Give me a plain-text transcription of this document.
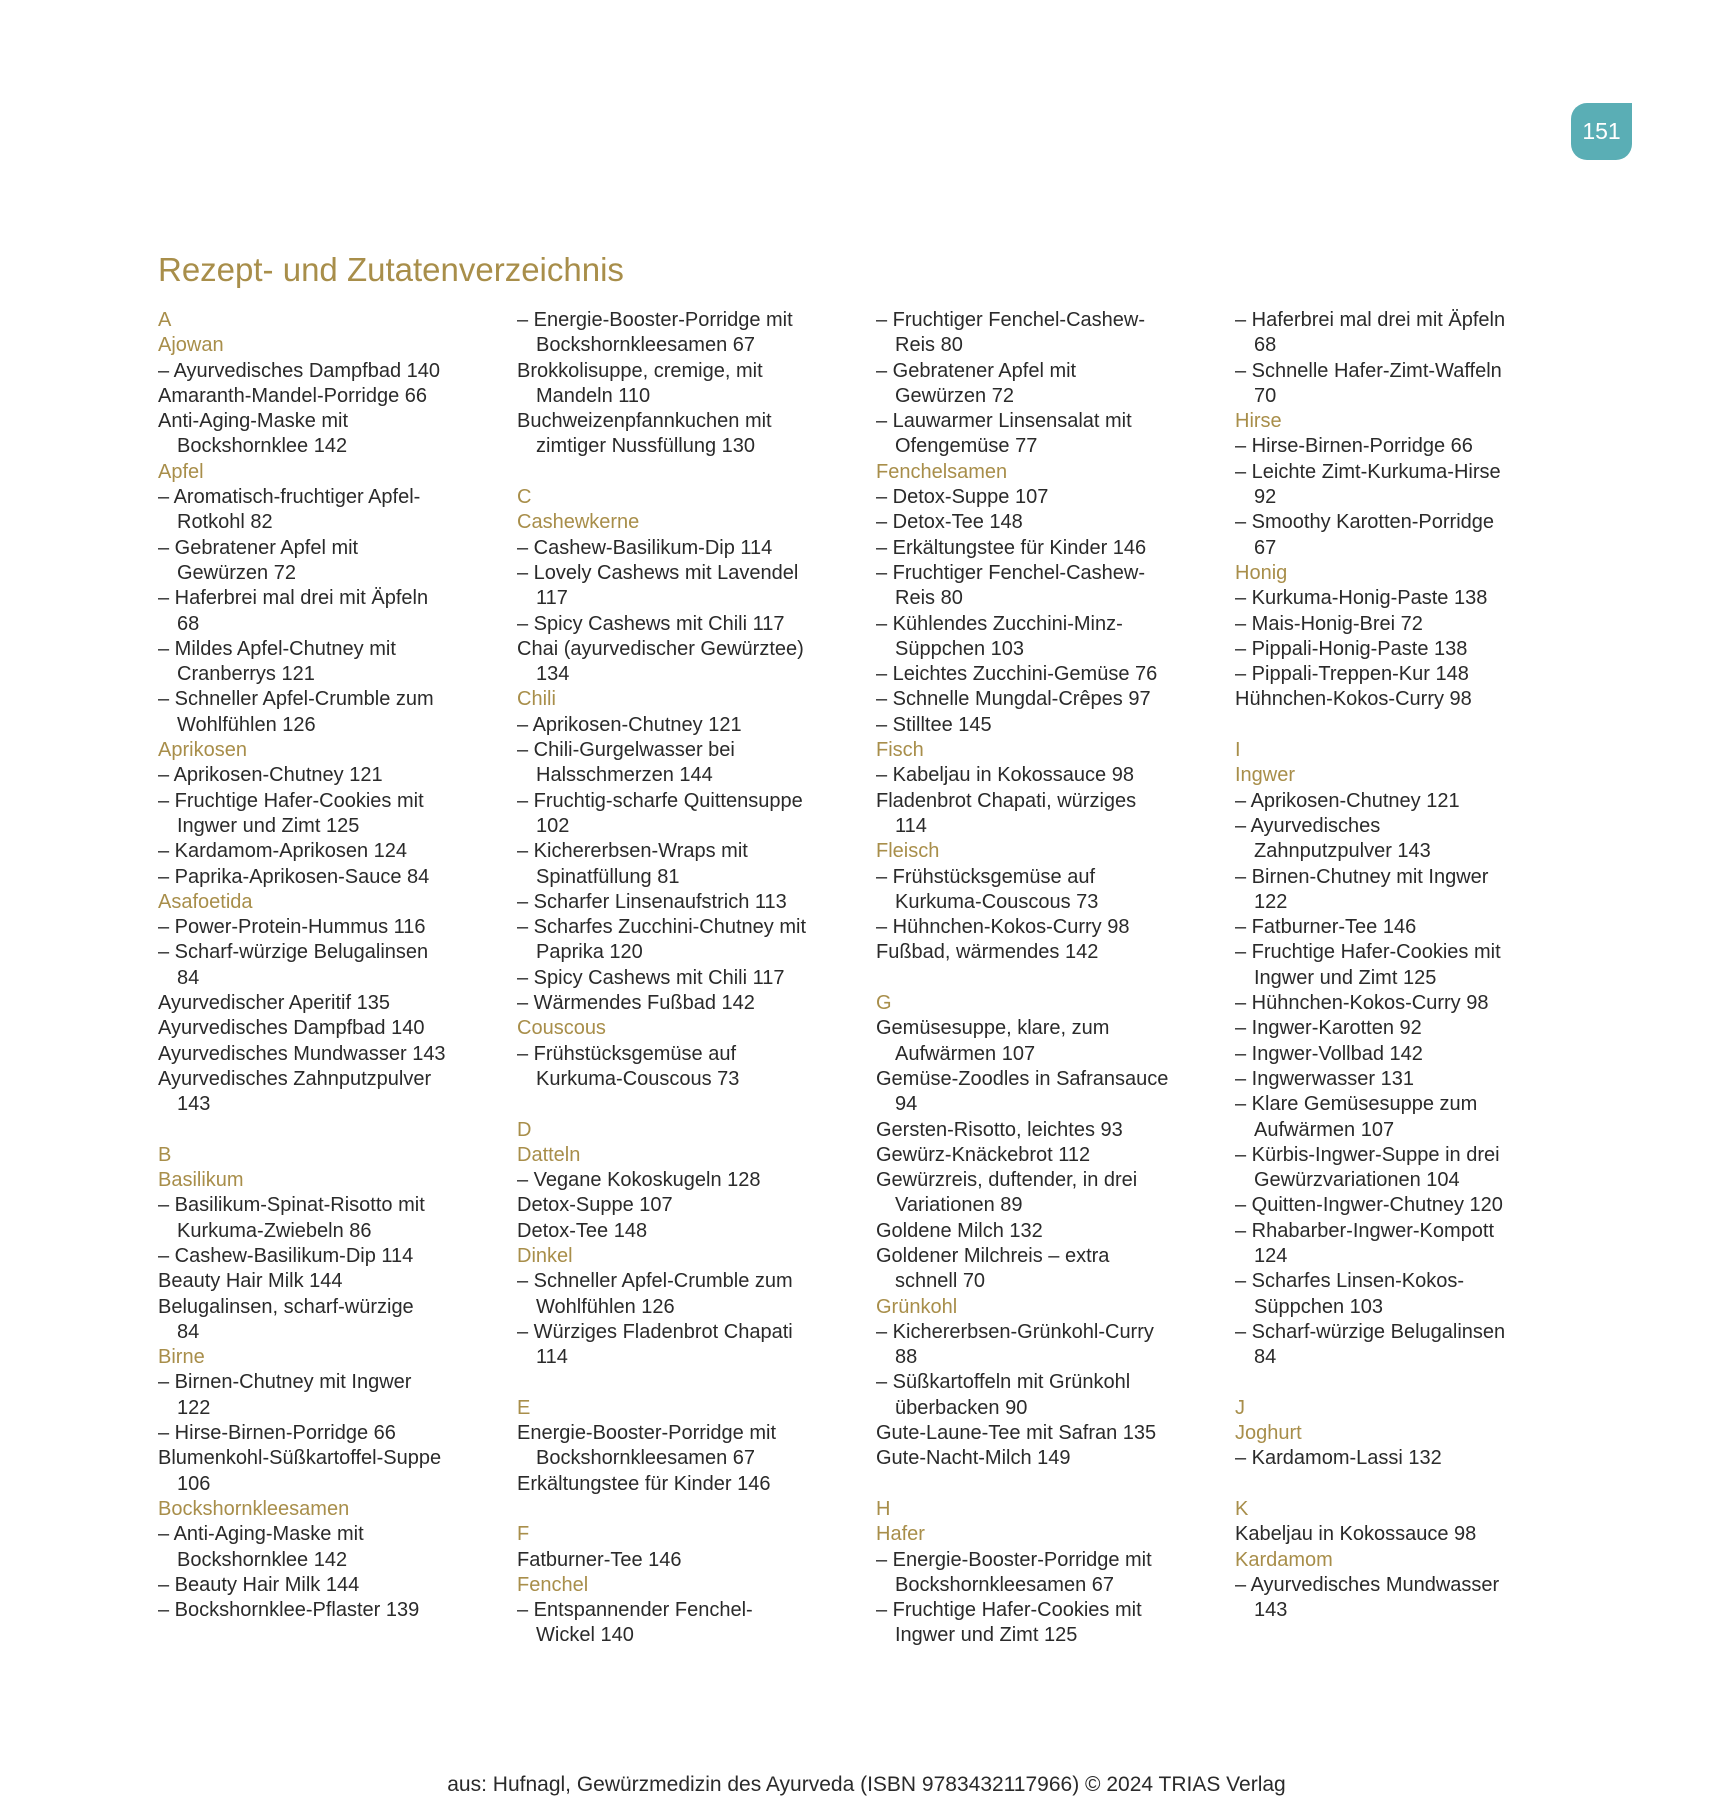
151
Rezept- und Zutatenverzeichnis
A
Ajowan
– Ayurvedisches Dampfbad 140
Amaranth-Mandel-Porridge 66
Anti-Aging-Maske mit
Bockshornklee 142
Apfel
– Aromatisch-fruchtiger Apfel-
Rotkohl 82
– Gebratener Apfel mit
Gewürzen 72
– Haferbrei mal drei mit Äpfeln
68
– Mildes Apfel-Chutney mit
Cranberrys 121
– Schneller Apfel-Crumble zum
Wohlfühlen 126
Aprikosen
– Aprikosen-Chutney 121
– Fruchtige Hafer-Cookies mit
Ingwer und Zimt 125
– Kardamom-Aprikosen 124
– Paprika-Aprikosen-Sauce 84
Asafoetida
– Power-Protein-Hummus 116
– Scharf-würzige Belugalinsen
84
Ayurvedischer Aperitif 135
Ayurvedisches Dampfbad 140
Ayurvedisches Mundwasser 143
Ayurvedisches Zahnputzpulver
143
B
Basilikum
– Basilikum-Spinat-Risotto mit
Kurkuma-Zwiebeln 86
– Cashew-Basilikum-Dip 114
Beauty Hair Milk 144
Belugalinsen, scharf-würzige
84
Birne
– Birnen-Chutney mit Ingwer
122
– Hirse-Birnen-Porridge 66
Blumenkohl-Süßkartoffel-Suppe
106
Bockshornkleesamen
– Anti-Aging-Maske mit
Bockshornklee 142
– Beauty Hair Milk 144
– Bockshornklee-Pflaster 139
– Energie-Booster-Porridge mit
Bockshornkleesamen 67
Brokkolisuppe, cremige, mit
Mandeln 110
Buchweizenpfannkuchen mit
zimtiger Nussfüllung 130
C
Cashewkerne
– Cashew-Basilikum-Dip 114
– Lovely Cashews mit Lavendel
117
– Spicy Cashews mit Chili 117
Chai (ayurvedischer Gewürztee)
134
Chili
– Aprikosen-Chutney 121
– Chili-Gurgelwasser bei
Halsschmerzen 144
– Fruchtig-scharfe Quittensuppe
102
– Kichererbsen-Wraps mit
Spinatfüllung 81
– Scharfer Linsenaufstrich 113
– Scharfes Zucchini-Chutney mit
Paprika 120
– Spicy Cashews mit Chili 117
– Wärmendes Fußbad 142
Couscous
– Frühstücksgemüse auf
Kurkuma-Couscous 73
D
Datteln
– Vegane Kokoskugeln 128
Detox-Suppe 107
Detox-Tee 148
Dinkel
– Schneller Apfel-Crumble zum
Wohlfühlen 126
– Würziges Fladenbrot Chapati
114
E
Energie-Booster-Porridge mit
Bockshornkleesamen 67
Erkältungstee für Kinder 146
F
Fatburner-Tee 146
Fenchel
– Entspannender Fenchel-
Wickel 140
– Fruchtiger Fenchel-Cashew-
Reis 80
– Gebratener Apfel mit
Gewürzen 72
– Lauwarmer Linsensalat mit
Ofengemüse 77
Fenchelsamen
– Detox-Suppe 107
– Detox-Tee 148
– Erkältungstee für Kinder 146
– Fruchtiger Fenchel-Cashew-
Reis 80
– Kühlendes Zucchini-Minz-
Süppchen 103
– Leichtes Zucchini-Gemüse 76
– Schnelle Mungdal-Crêpes 97
– Stilltee 145
Fisch
– Kabeljau in Kokossauce 98
Fladenbrot Chapati, würziges
114
Fleisch
– Frühstücksgemüse auf
Kurkuma-Couscous 73
– Hühnchen-Kokos-Curry 98
Fußbad, wärmendes 142
G
Gemüsesuppe, klare, zum
Aufwärmen 107
Gemüse-Zoodles in Safransauce
94
Gersten-Risotto, leichtes 93
Gewürz-Knäckebrot 112
Gewürzreis, duftender, in drei
Variationen 89
Goldene Milch 132
Goldener Milchreis – extra
schnell 70
Grünkohl
– Kichererbsen-Grünkohl-Curry
88
– Süßkartoffeln mit Grünkohl
überbacken 90
Gute-Laune-Tee mit Safran 135
Gute-Nacht-Milch 149
H
Hafer
– Energie-Booster-Porridge mit
Bockshornkleesamen 67
– Fruchtige Hafer-Cookies mit
Ingwer und Zimt 125
– Haferbrei mal drei mit Äpfeln
68
– Schnelle Hafer-Zimt-Waffeln
70
Hirse
– Hirse-Birnen-Porridge 66
– Leichte Zimt-Kurkuma-Hirse
92
– Smoothy Karotten-Porridge
67
Honig
– Kurkuma-Honig-Paste 138
– Mais-Honig-Brei 72
– Pippali-Honig-Paste 138
– Pippali-Treppen-Kur 148
Hühnchen-Kokos-Curry 98
I
Ingwer
– Aprikosen-Chutney 121
– Ayurvedisches
Zahnputzpulver 143
– Birnen-Chutney mit Ingwer
122
– Fatburner-Tee 146
– Fruchtige Hafer-Cookies mit
Ingwer und Zimt 125
– Hühnchen-Kokos-Curry 98
– Ingwer-Karotten 92
– Ingwer-Vollbad 142
– Ingwerwasser 131
– Klare Gemüsesuppe zum
Aufwärmen 107
– Kürbis-Ingwer-Suppe in drei
Gewürzvariationen 104
– Quitten-Ingwer-Chutney 120
– Rhabarber-Ingwer-Kompott
124
– Scharfes Linsen-Kokos-
Süppchen 103
– Scharf-würzige Belugalinsen
84
J
Joghurt
– Kardamom-Lassi 132
K
Kabeljau in Kokossauce 98
Kardamom
– Ayurvedisches Mundwasser
143
aus: Hufnagl, Gewürzmedizin des Ayurveda (ISBN 9783432117966) © 2024 TRIAS Verlag
